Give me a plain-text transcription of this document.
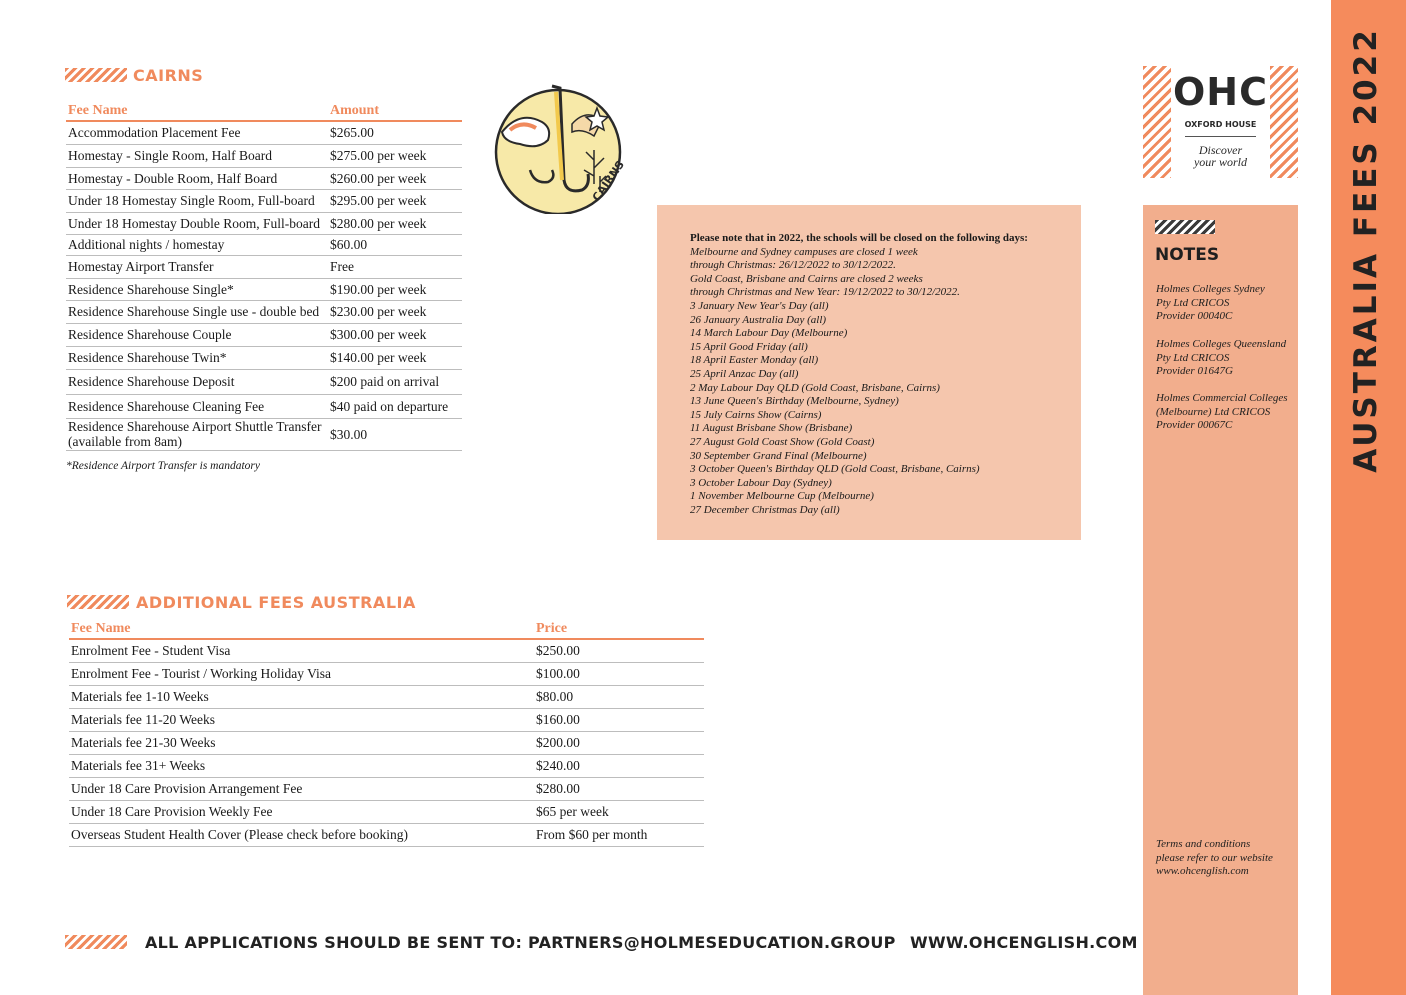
CAIRNS
Fee Name	Amount
Accommodation Placement Fee	$265.00
Homestay - Single Room, Half Board	$275.00 per week
Homestay - Double Room, Half Board	$260.00 per week
Under 18 Homestay Single Room, Full-board	$295.00 per week
Under 18 Homestay Double Room, Full-board	$280.00 per week
Additional nights / homestay	$60.00
Homestay Airport Transfer	Free
Residence Sharehouse Single*	$190.00 per week
Residence Sharehouse Single use - double bed	$230.00 per week
Residence Sharehouse Couple	$300.00 per week
Residence Sharehouse Twin*	$140.00 per week
Residence Sharehouse Deposit	$200 paid on arrival
Residence Sharehouse Cleaning Fee	$40 paid on departure
Residence Sharehouse Airport Shuttle Transfer (available from 8am)	$30.00
*Residence Airport Transfer is mandatory
CAIRNS
Please note that in 2022, the schools will be closed on the following days:
Melbourne and Sydney campuses are closed 1 week
through Christmas: 26/12/2022 to 30/12/2022.
Gold Coast, Brisbane and Cairns are closed 2 weeks
through Christmas and New Year: 19/12/2022 to 30/12/2022.
3 January New Year's Day (all)
26 January Australia Day (all)
14 March Labour Day (Melbourne)
15 April Good Friday (all)
18 April Easter Monday (all)
25 April Anzac Day (all)
2 May Labour Day QLD (Gold Coast, Brisbane, Cairns)
13 June Queen's Birthday (Melbourne, Sydney)
15 July Cairns Show (Cairns)
11 August Brisbane Show (Brisbane)
27 August Gold Coast Show (Gold Coast)
30 September Grand Final (Melbourne)
3 October Queen's Birthday QLD (Gold Coast, Brisbane, Cairns)
3 October Labour Day (Sydney)
1 November Melbourne Cup (Melbourne)
27 December Christmas Day (all)
ADDITIONAL FEES AUSTRALIA
Fee Name	Price
Enrolment Fee - Student Visa	$250.00
Enrolment Fee - Tourist / Working Holiday Visa	$100.00
Materials fee 1-10 Weeks	$80.00
Materials fee 11-20 Weeks	$160.00
Materials fee 21-30 Weeks	$200.00
Materials fee 31+ Weeks	$240.00
Under 18 Care Provision Arrangement Fee	$280.00
Under 18 Care Provision Weekly Fee	$65 per week
Overseas Student Health Cover (Please check before booking)	From $60 per month
OHC
OXFORD HOUSE
Discover
your world
NOTES
Holmes Colleges Sydney
Pty Ltd CRICOS
Provider 00040C
Holmes Colleges Queensland
Pty Ltd CRICOS
Provider 01647G
Holmes Commercial Colleges
(Melbourne) Ltd CRICOS
Provider 00067C
Terms and conditions
please refer to our website
www.ohcenglish.com
AUSTRALIA FEES 2022
ALL APPLICATIONS SHOULD BE SENT TO: PARTNERS@HOLMESEDUCATION.GROUP WWW.OHCENGLISH.COM
